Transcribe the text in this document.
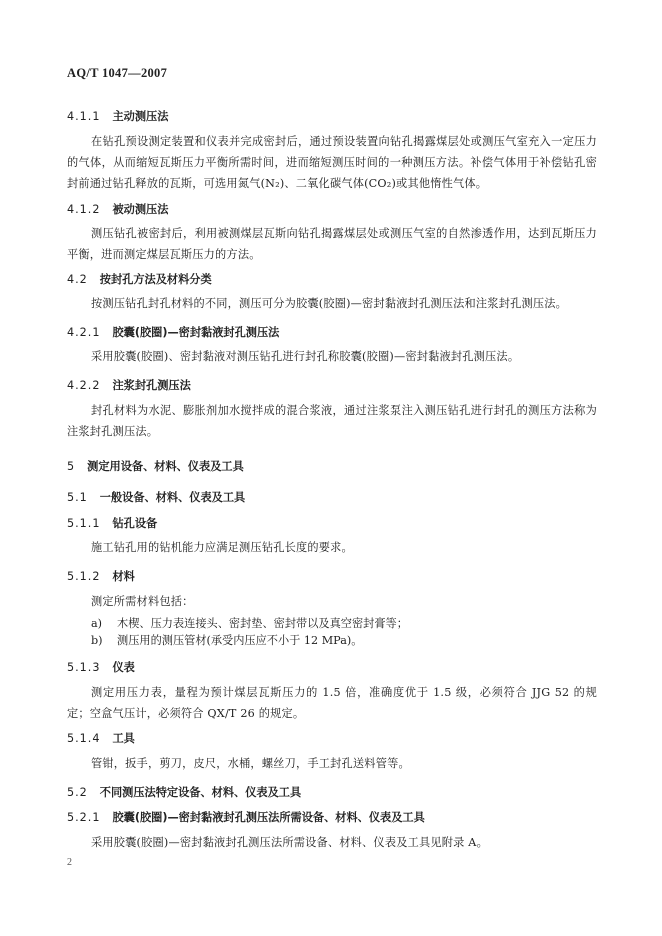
AQ/T 1047—2007
4.1.1 主动测压法
在钻孔预设测定装置和仪表并完成密封后，通过预设装置向钻孔揭露煤层处或测压气室充入一定压力的气体，从而缩短瓦斯压力平衡所需时间，进而缩短测压时间的一种测压方法。补偿气体用于补偿钻孔密封前通过钻孔释放的瓦斯，可选用氮气(N₂)、二氧化碳气体(CO₂)或其他惰性气体。
4.1.2 被动测压法
测压钻孔被密封后，利用被测煤层瓦斯向钻孔揭露煤层处或测压气室的自然渗透作用，达到瓦斯压力平衡，进而测定煤层瓦斯压力的方法。
4.2 按封孔方法及材料分类
按测压钻孔封孔材料的不同，测压可分为胶囊(胶圈)—密封黏液封孔测压法和注浆封孔测压法。
4.2.1 胶囊(胶圈)—密封黏液封孔测压法
采用胶囊(胶圈)、密封黏液对测压钻孔进行封孔称胶囊(胶圈)—密封黏液封孔测压法。
4.2.2 注浆封孔测压法
封孔材料为水泥、膨胀剂加水搅拌成的混合浆液，通过注浆泵注入测压钻孔进行封孔的测压方法称为注浆封孔测压法。
5 测定用设备、材料、仪表及工具
5.1 一般设备、材料、仪表及工具
5.1.1 钻孔设备
施工钻孔用的钻机能力应满足测压钻孔长度的要求。
5.1.2 材料
测定所需材料包括：
a) 木楔、压力表连接头、密封垫、密封带以及真空密封膏等；
b) 测压用的测压管材(承受内压应不小于 12 MPa)。
5.1.3 仪表
测定用压力表，量程为预计煤层瓦斯压力的 1.5 倍，准确度优于 1.5 级，必须符合 JJG 52 的规定；空盒气压计，必须符合 QX/T 26 的规定。
5.1.4 工具
管钳，扳手，剪刀，皮尺，水桶，螺丝刀，手工封孔送料管等。
5.2 不同测压法特定设备、材料、仪表及工具
5.2.1 胶囊(胶圈)—密封黏液封孔测压法所需设备、材料、仪表及工具
采用胶囊(胶圈)—密封黏液封孔测压法所需设备、材料、仪表及工具见附录 A。
2
